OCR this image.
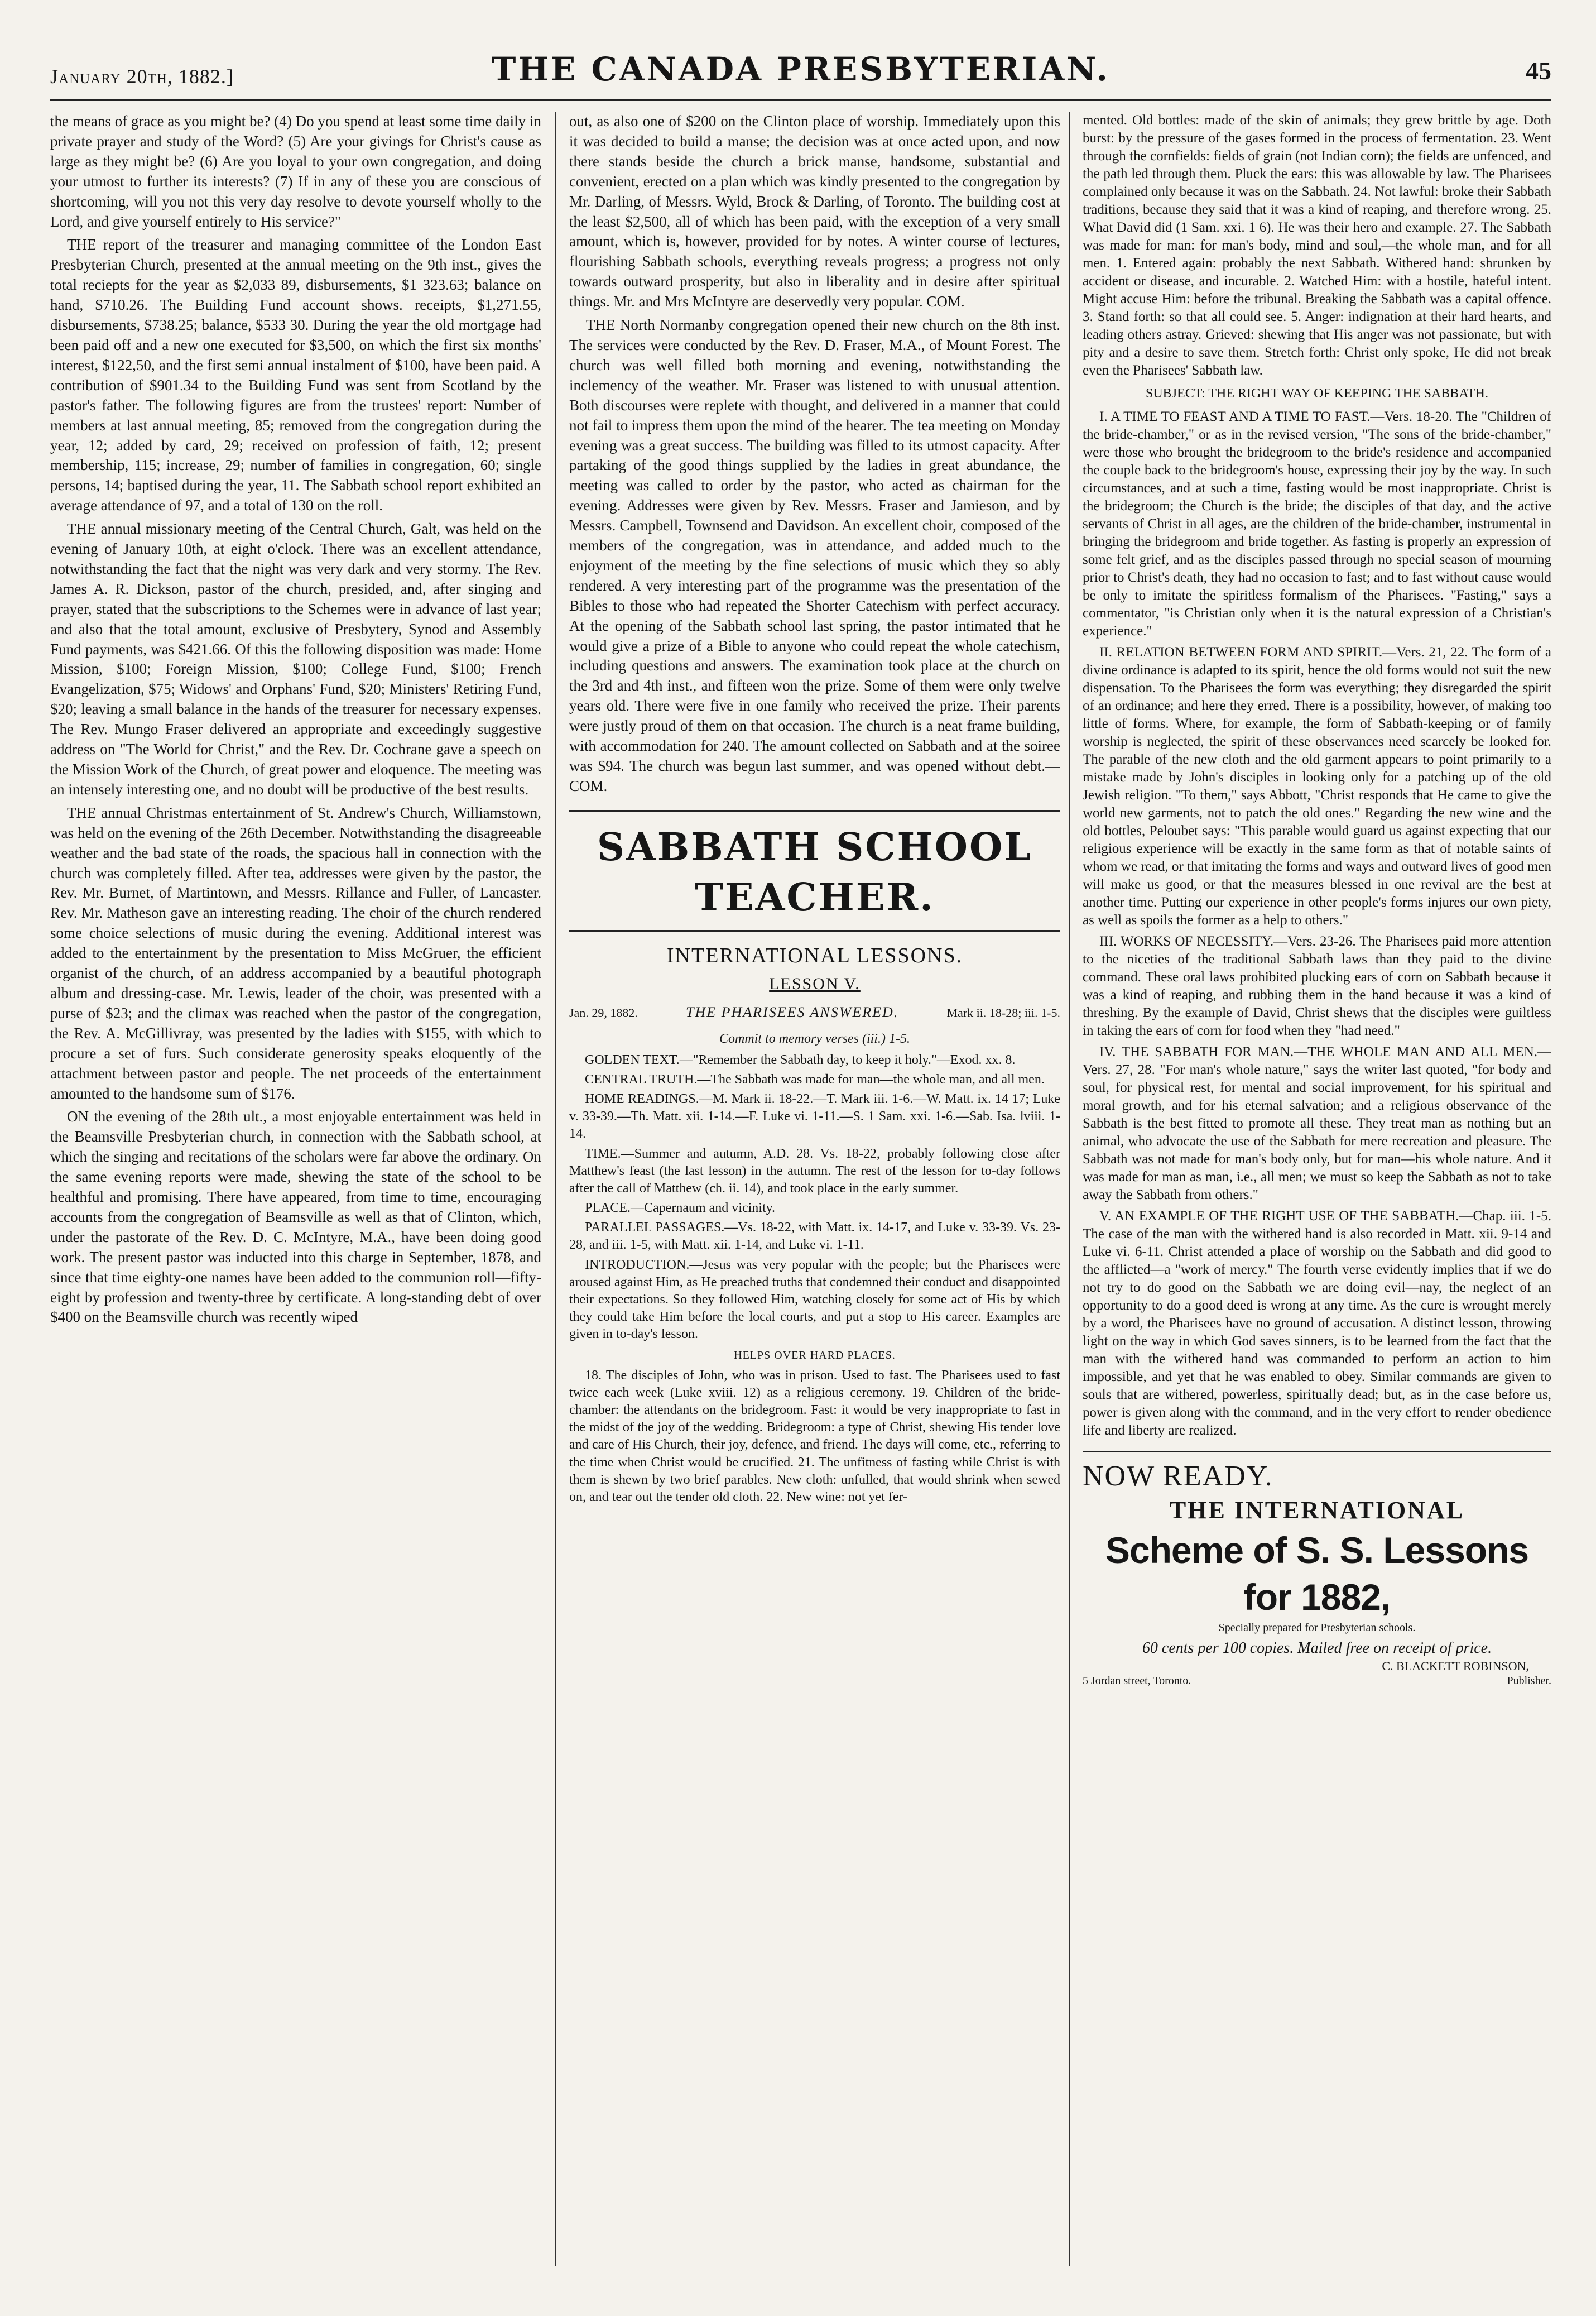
January 20th, 1882.]	THE CANADA PRESBYTERIAN.	45

the means of grace as you might be? (4) Do you spend at least some time daily in private prayer and study of the Word? (5) Are your givings for Christ's cause as large as they might be? (6) Are you loyal to your own congregation, and doing your utmost to further its interests? (7) If in any of these you are conscious of shortcoming, will you not this very day resolve to devote yourself wholly to the Lord, and give yourself entirely to His service?"

THE report of the treasurer and managing committee of the London East Presbyterian Church, presented at the annual meeting on the 9th inst., gives the total reciepts for the year as $2,033 89, disbursements, $1 323.63; balance on hand, $710.26. The Building Fund account shows. receipts, $1,271.55, disbursements, $738.25; balance, $533 30. During the year the old mortgage had been paid off and a new one executed for $3,500, on which the first six months' interest, $122,50, and the first semi annual instalment of $100, have been paid. A contribution of $901.34 to the Building Fund was sent from Scotland by the pastor's father. The following figures are from the trustees' report: Number of members at last annual meeting, 85; removed from the congregation during the year, 12; added by card, 29; received on profession of faith, 12; present membership, 115; increase, 29; number of families in congregation, 60; single persons, 14; baptised during the year, 11. The Sabbath school report exhibited an average attendance of 97, and a total of 130 on the roll.

THE annual missionary meeting of the Central Church, Galt, was held on the evening of January 10th, at eight o'clock. There was an excellent attendance, notwithstanding the fact that the night was very dark and very stormy. The Rev. James A. R. Dickson, pastor of the church, presided, and, after singing and prayer, stated that the subscriptions to the Schemes were in advance of last year; and also that the total amount, exclusive of Presbytery, Synod and Assembly Fund payments, was $421.66. Of this the following disposition was made: Home Mission, $100; Foreign Mission, $100; College Fund, $100; French Evangelization, $75; Widows' and Orphans' Fund, $20; Ministers' Retiring Fund, $20; leaving a small balance in the hands of the treasurer for necessary expenses. The Rev. Mungo Fraser delivered an appropriate and exceedingly suggestive address on "The World for Christ," and the Rev. Dr. Cochrane gave a speech on the Mission Work of the Church, of great power and eloquence. The meeting was an intensely interesting one, and no doubt will be productive of the best results.

THE annual Christmas entertainment of St. Andrew's Church, Williamstown, was held on the evening of the 26th December. Notwithstanding the disagreeable weather and the bad state of the roads, the spacious hall in connection with the church was completely filled. After tea, addresses were given by the pastor, the Rev. Mr. Burnet, of Martintown, and Messrs. Rillance and Fuller, of Lancaster. Rev. Mr. Matheson gave an interesting reading. The choir of the church rendered some choice selections of music during the evening. Additional interest was added to the entertainment by the presentation to Miss McGruer, the efficient organist of the church, of an address accompanied by a beautiful photograph album and dressing-case. Mr. Lewis, leader of the choir, was presented with a purse of $23; and the climax was reached when the pastor of the congregation, the Rev. A. McGillivray, was presented by the ladies with $155, with which to procure a set of furs. Such considerate generosity speaks eloquently of the attachment between pastor and people. The net proceeds of the entertainment amounted to the handsome sum of $176.

ON the evening of the 28th ult., a most enjoyable entertainment was held in the Beamsville Presbyterian church, in connection with the Sabbath school, at which the singing and recitations of the scholars were far above the ordinary. On the same evening reports were made, shewing the state of the school to be healthful and promising. There have appeared, from time to time, encouraging accounts from the congregation of Beamsville as well as that of Clinton, which, under the pastorate of the Rev. D. C. McIntyre, M.A., have been doing good work. The present pastor was inducted into this charge in September, 1878, and since that time eighty-one names have been added to the communion roll—fifty-eight by profession and twenty-three by certificate. A long-standing debt of over $400 on the Beamsville church was recently wiped

out, as also one of $200 on the Clinton place of worship. Immediately upon this it was decided to build a manse; the decision was at once acted upon, and now there stands beside the church a brick manse, handsome, substantial and convenient, erected on a plan which was kindly presented to the congregation by Mr. Darling, of Messrs. Wyld, Brock & Darling, of Toronto. The building cost at the least $2,500, all of which has been paid, with the exception of a very small amount, which is, however, provided for by notes. A winter course of lectures, flourishing Sabbath schools, everything reveals progress; a progress not only towards outward prosperity, but also in liberality and in desire after spiritual things. Mr. and Mrs McIntyre are deservedly very popular. COM.

THE North Normanby congregation opened their new church on the 8th inst. The services were conducted by the Rev. D. Fraser, M.A., of Mount Forest. The church was well filled both morning and evening, notwithstanding the inclemency of the weather. Mr. Fraser was listened to with unusual attention. Both discourses were replete with thought, and delivered in a manner that could not fail to impress them upon the mind of the hearer. The tea meeting on Monday evening was a great success. The building was filled to its utmost capacity. After partaking of the good things supplied by the ladies in great abundance, the meeting was called to order by the pastor, who acted as chairman for the evening. Addresses were given by Rev. Messrs. Fraser and Jamieson, and by Messrs. Campbell, Townsend and Davidson. An excellent choir, composed of the members of the congregation, was in attendance, and added much to the enjoyment of the meeting by the fine selections of music which they so ably rendered. A very interesting part of the programme was the presentation of the Bibles to those who had repeated the Shorter Catechism with perfect accuracy. At the opening of the Sabbath school last spring, the pastor intimated that he would give a prize of a Bible to anyone who could repeat the whole catechism, including questions and answers. The examination took place at the church on the 3rd and 4th inst., and fifteen won the prize. Some of them were only twelve years old. There were five in one family who received the prize. Their parents were justly proud of them on that occasion. The church is a neat frame building, with accommodation for 240. The amount collected on Sabbath and at the soiree was $94. The church was begun last summer, and was opened without debt.—COM.

SABBATH SCHOOL TEACHER.

INTERNATIONAL LESSONS.

LESSON V.

Jan. 29, 1882.	THE PHARISEES ANSWERED.	Mark ii. 18-28; iii. 1-5.

Commit to memory verses (iii.) 1-5.

GOLDEN TEXT.—"Remember the Sabbath day, to keep it holy."—Exod. xx. 8.

CENTRAL TRUTH.—The Sabbath was made for man—the whole man, and all men.

HOME READINGS.—M. Mark ii. 18-22.—T. Mark iii. 1-6.—W. Matt. ix. 14 17; Luke v. 33-39.—Th. Matt. xii. 1-14.—F. Luke vi. 1-11.—S. 1 Sam. xxi. 1-6.—Sab. Isa. lviii. 1-14.

TIME.—Summer and autumn, A.D. 28. Vs. 18-22, probably following close after Matthew's feast (the last lesson) in the autumn. The rest of the lesson for to-day follows after the call of Matthew (ch. ii. 14), and took place in the early summer.

PLACE.—Capernaum and vicinity.

PARALLEL PASSAGES.—Vs. 18-22, with Matt. ix. 14-17, and Luke v. 33-39. Vs. 23-28, and iii. 1-5, with Matt. xii. 1-14, and Luke vi. 1-11.

INTRODUCTION.—Jesus was very popular with the people; but the Pharisees were aroused against Him, as He preached truths that condemned their conduct and disappointed their expectations. So they followed Him, watching closely for some act of His by which they could take Him before the local courts, and put a stop to His career. Examples are given in to-day's lesson.

HELPS OVER HARD PLACES.

18. The disciples of John, who was in prison. Used to fast. The Pharisees used to fast twice each week (Luke xviii. 12) as a religious ceremony. 19. Children of the bride-chamber: the attendants on the bridegroom. Fast: it would be very inappropriate to fast in the midst of the joy of the wedding. Bridegroom: a type of Christ, shewing His tender love and care of His Church, their joy, defence, and friend. The days will come, etc., referring to the time when Christ would be crucified. 21. The unfitness of fasting while Christ is with them is shewn by two brief parables. New cloth: unfulled, that would shrink when sewed on, and tear out the tender old cloth. 22. New wine: not yet fer-

mented. Old bottles: made of the skin of animals; they grew brittle by age. Doth burst: by the pressure of the gases formed in the process of fermentation. 23. Went through the cornfields: fields of grain (not Indian corn); the fields are unfenced, and the path led through them. Pluck the ears: this was allowable by law. The Pharisees complained only because it was on the Sabbath. 24. Not lawful: broke their Sabbath traditions, because they said that it was a kind of reaping, and therefore wrong. 25. What David did (1 Sam. xxi. 1 6). He was their hero and example. 27. The Sabbath was made for man: for man's body, mind and soul,—the whole man, and for all men. 1. Entered again: probably the next Sabbath. Withered hand: shrunken by accident or disease, and incurable. 2. Watched Him: with a hostile, hateful intent. Might accuse Him: before the tribunal. Breaking the Sabbath was a capital offence. 3. Stand forth: so that all could see. 5. Anger: indignation at their hard hearts, and leading others astray. Grieved: shewing that His anger was not passionate, but with pity and a desire to save them. Stretch forth: Christ only spoke, He did not break even the Pharisees' Sabbath law.

SUBJECT: THE RIGHT WAY OF KEEPING THE SABBATH.

I. A TIME TO FEAST AND A TIME TO FAST.—Vers. 18-20. The "Children of the bride-chamber," or as in the revised version, "The sons of the bride-chamber," were those who brought the bridegroom to the bride's residence and accompanied the couple back to the bridegroom's house, expressing their joy by the way. In such circumstances, and at such a time, fasting would be most inappropriate. Christ is the bridegroom; the Church is the bride; the disciples of that day, and the active servants of Christ in all ages, are the children of the bride-chamber, instrumental in bringing the bridegroom and bride together. As fasting is properly an expression of some felt grief, and as the disciples passed through no special season of mourning prior to Christ's death, they had no occasion to fast; and to fast without cause would be only to imitate the spiritless formalism of the Pharisees. "Fasting," says a commentator, "is Christian only when it is the natural expression of a Christian's experience."

II. RELATION BETWEEN FORM AND SPIRIT.—Vers. 21, 22. The form of a divine ordinance is adapted to its spirit, hence the old forms would not suit the new dispensation. To the Pharisees the form was everything; they disregarded the spirit of an ordinance; and here they erred. There is a possibility, however, of making too little of forms. Where, for example, the form of Sabbath-keeping or of family worship is neglected, the spirit of these observances need scarcely be looked for. The parable of the new cloth and the old garment appears to point primarily to a mistake made by John's disciples in looking only for a patching up of the old Jewish religion. "To them," says Abbott, "Christ responds that He came to give the world new garments, not to patch the old ones." Regarding the new wine and the old bottles, Peloubet says: "This parable would guard us against expecting that our religious experience will be exactly in the same form as that of notable saints of whom we read, or that imitating the forms and ways and outward lives of good men will make us good, or that the measures blessed in one revival are the best at another time. Putting our experience in other people's forms injures our own piety, as well as spoils the former as a help to others."

III. WORKS OF NECESSITY.—Vers. 23-26. The Pharisees paid more attention to the niceties of the traditional Sabbath laws than they paid to the divine command. These oral laws prohibited plucking ears of corn on Sabbath because it was a kind of reaping, and rubbing them in the hand because it was a kind of threshing. By the example of David, Christ shews that the disciples were guiltless in taking the ears of corn for food when they "had need."

IV. THE SABBATH FOR MAN.—THE WHOLE MAN AND ALL MEN.—Vers. 27, 28. "For man's whole nature," says the writer last quoted, "for body and soul, for physical rest, for mental and social improvement, for his spiritual and moral growth, and for his eternal salvation; and a religious observance of the Sabbath is the best fitted to promote all these. They treat man as nothing but an animal, who advocate the use of the Sabbath for mere recreation and pleasure. The Sabbath was not made for man's body only, but for man—his whole nature. And it was made for man as man, i.e., all men; we must so keep the Sabbath as not to take away the Sabbath from others."

V. AN EXAMPLE OF THE RIGHT USE OF THE SABBATH.—Chap. iii. 1-5. The case of the man with the withered hand is also recorded in Matt. xii. 9-14 and Luke vi. 6-11. Christ attended a place of worship on the Sabbath and did good to the afflicted—a "work of mercy." The fourth verse evidently implies that if we do not try to do good on the Sabbath we are doing evil—nay, the neglect of an opportunity to do a good deed is wrong at any time. As the cure is wrought merely by a word, the Pharisees have no ground of accusation. A distinct lesson, throwing light on the way in which God saves sinners, is to be learned from the fact that the man with the withered hand was commanded to perform an action to him impossible, and yet that he was enabled to obey. Similar commands are given to souls that are withered, powerless, spiritually dead; but, as in the case before us, power is given along with the command, and in the very effort to render obedience life and liberty are realized.

NOW READY.
THE INTERNATIONAL
Scheme of S. S. Lessons for 1882,
Specially prepared for Presbyterian schools.
60 cents per 100 copies. Mailed free on receipt of price.
C. BLACKETT ROBINSON,
5 Jordan street, Toronto.	Publisher.
